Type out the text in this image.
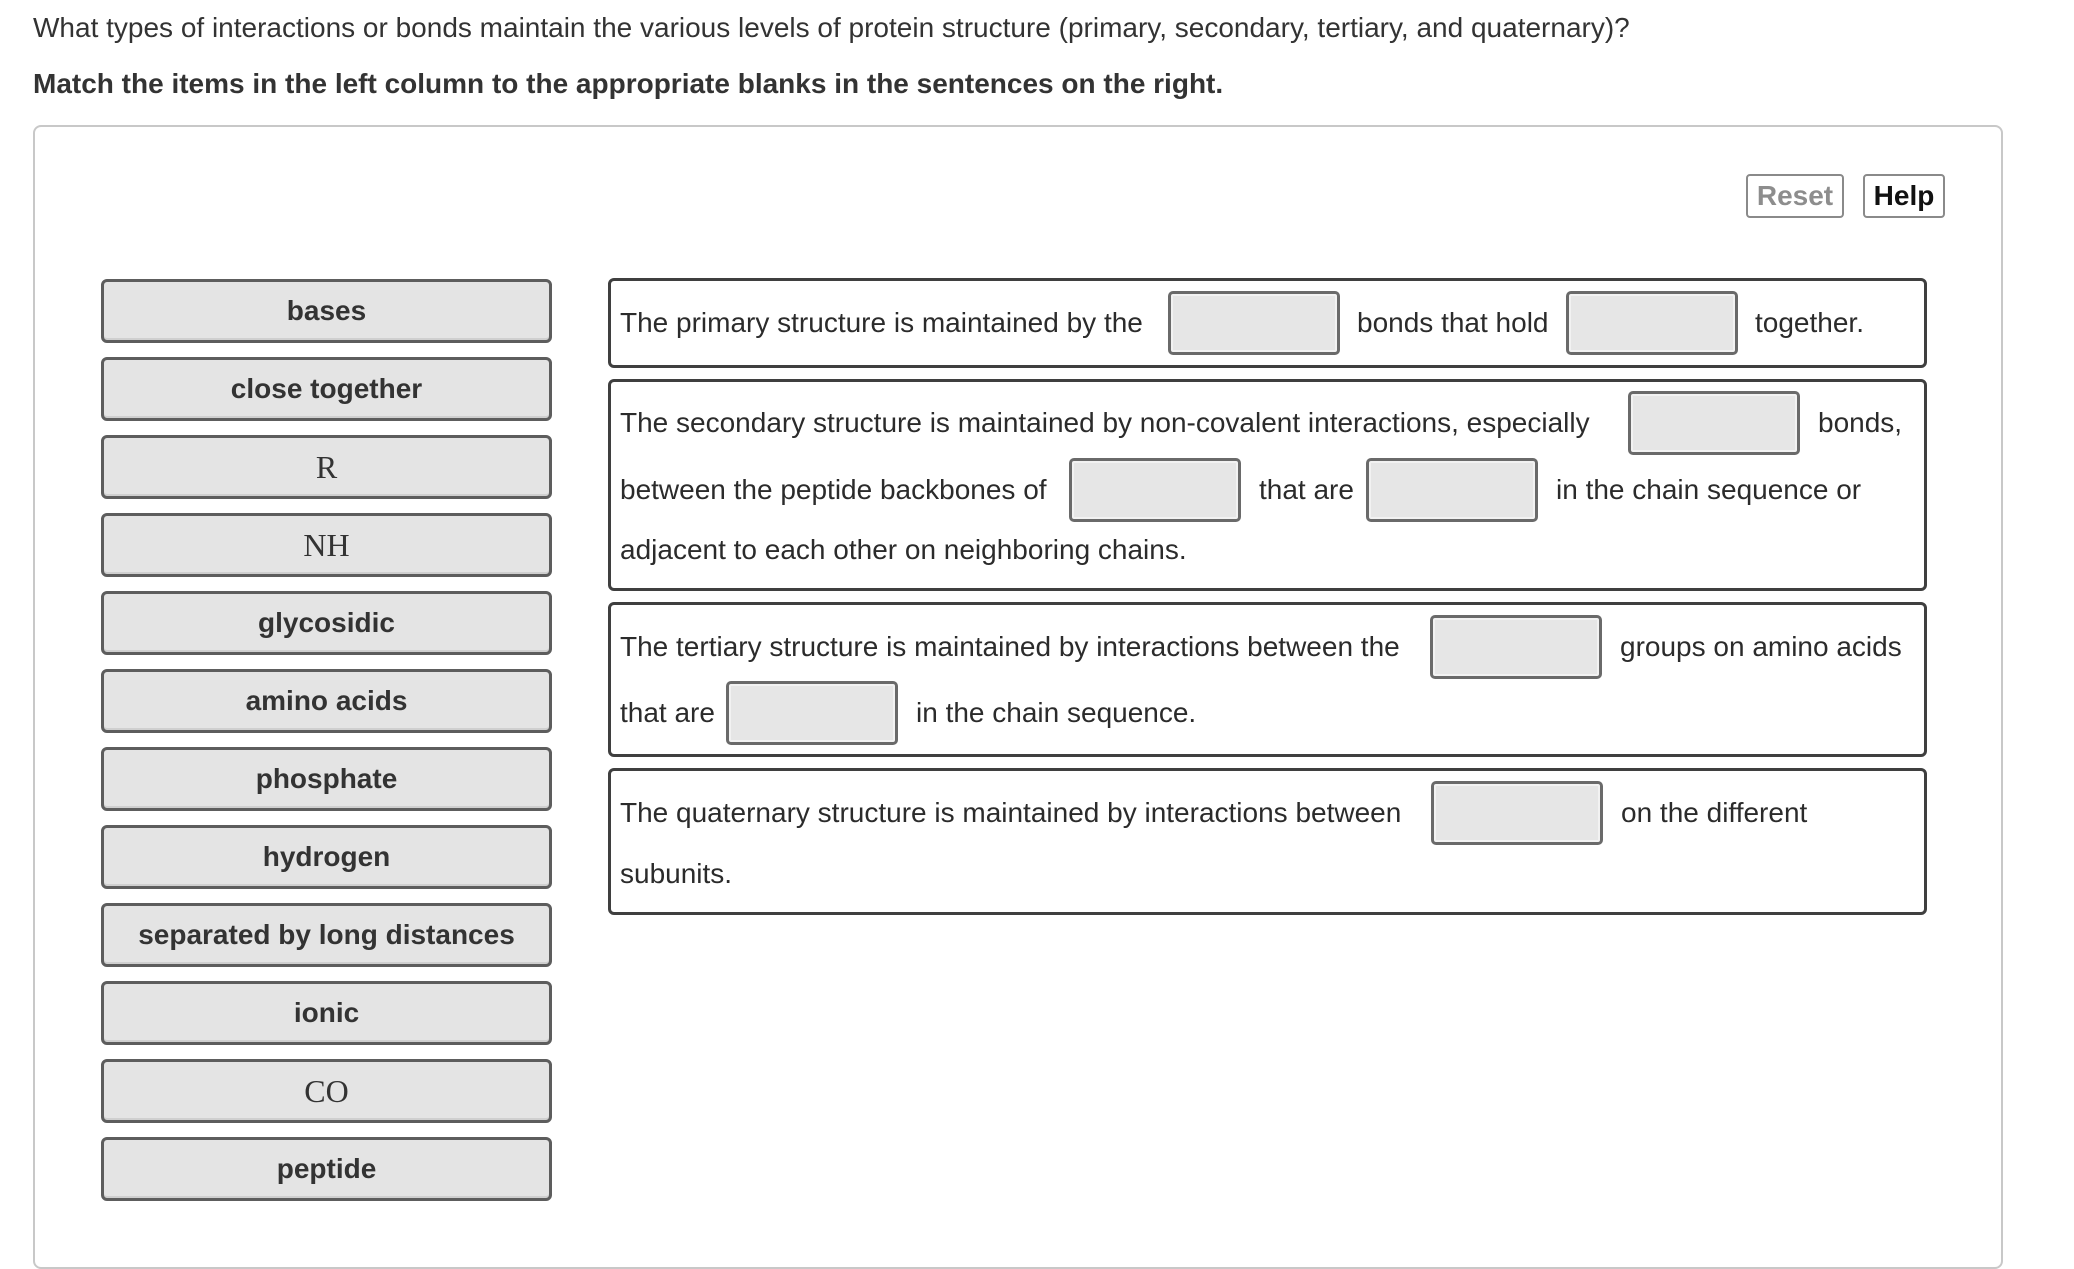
What types of interactions or bonds maintain the various levels of protein structure (primary, secondary, tertiary, and quaternary)?
Match the items in the left column to the appropriate blanks in the sentences on the right.
Reset	Help
bases
close together
R
NH
glycosidic
amino acids
phosphate
hydrogen
separated by long distances
ionic
CO
peptide
The primary structure is maintained by the	bonds that hold	together.
The secondary structure is maintained by non-covalent interactions, especially	bonds,
between the peptide backbones of	that are	in the chain sequence or
adjacent to each other on neighboring chains.
The tertiary structure is maintained by interactions between the	groups on amino acids
that are	in the chain sequence.
The quaternary structure is maintained by interactions between	on the different
subunits.
